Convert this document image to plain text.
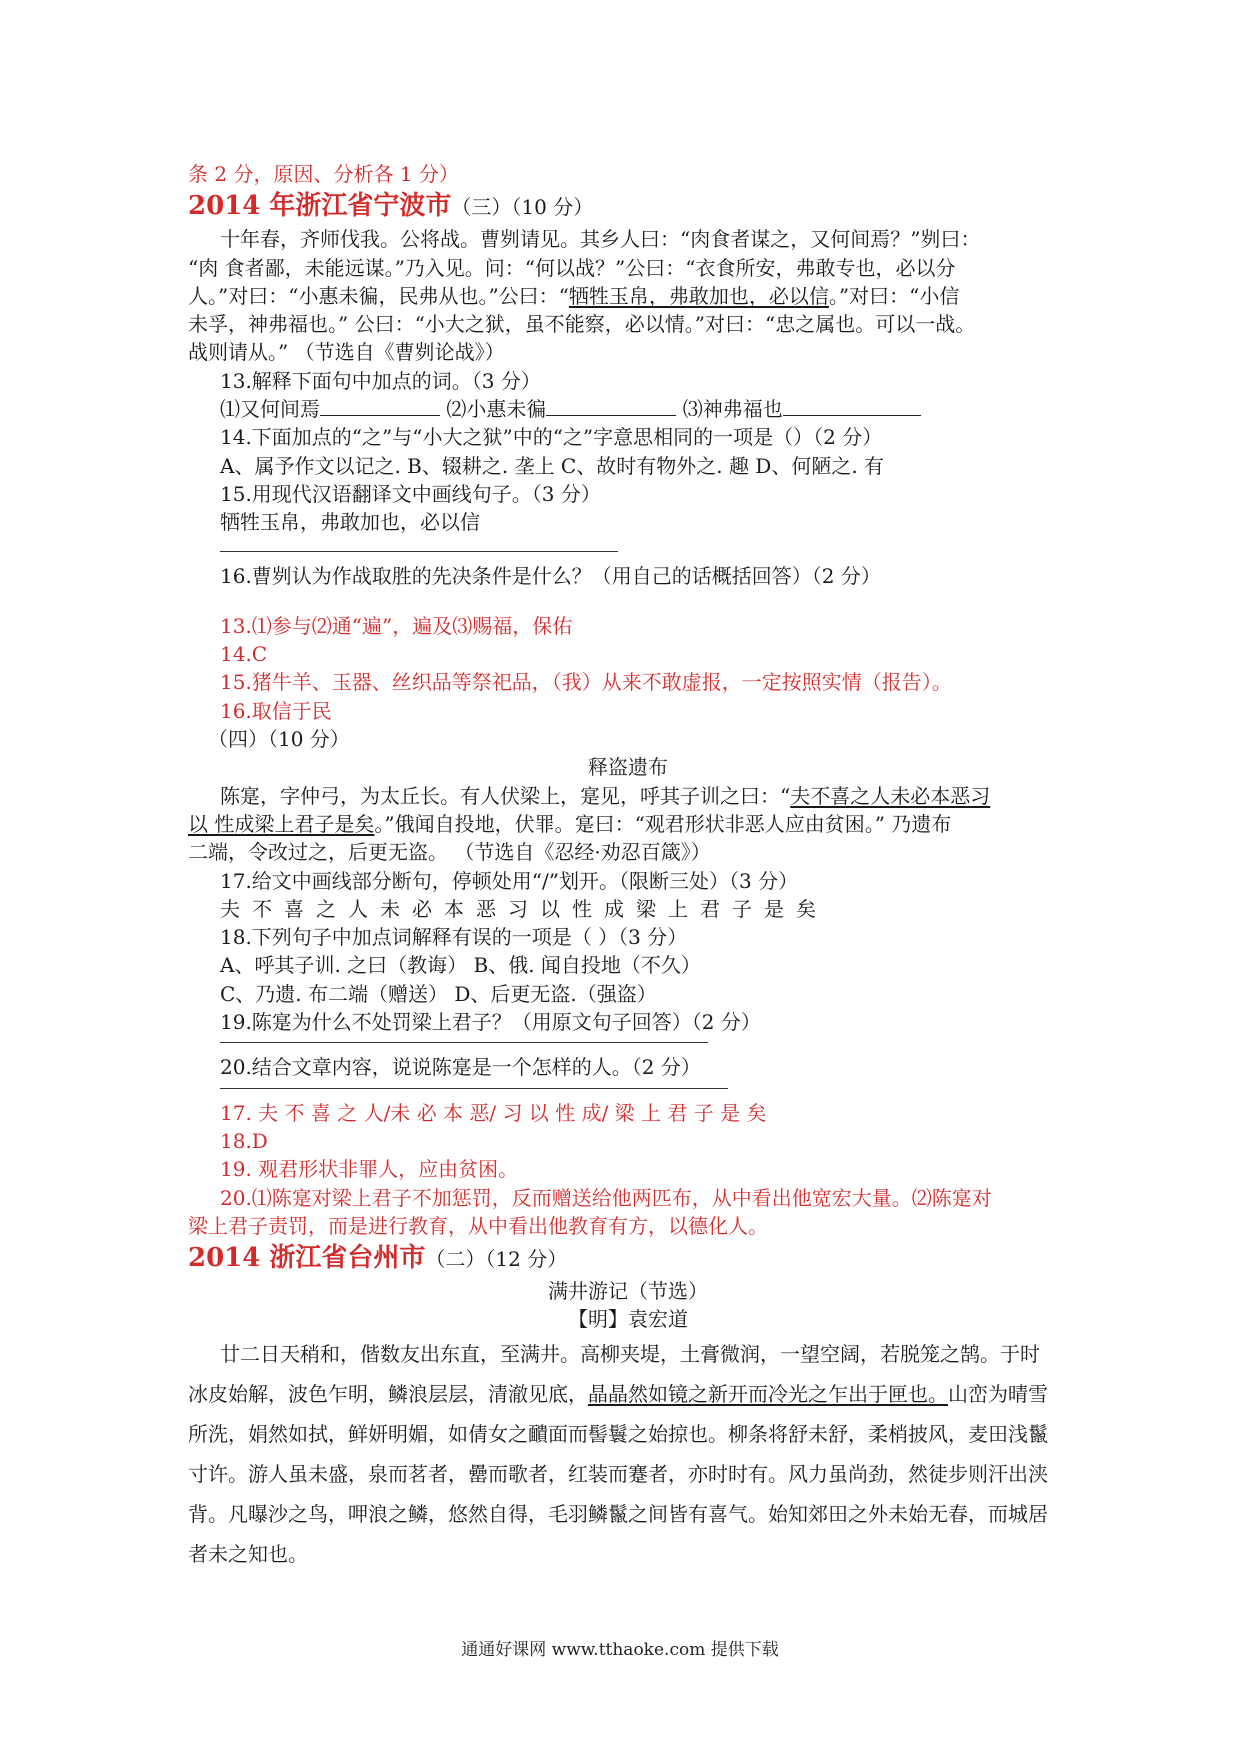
条 2 分，原因、分析各 1 分）
2014 年浙江省宁波市（三）（10 分）
十年春，齐师伐我。公将战。曹刿请见。其乡人曰：“肉食者谋之，又何间焉？”刿曰：
“肉 食者鄙，未能远谋。”乃入见。问：“何以战？”公曰：“衣食所安，弗敢专也，必以分
人。”对曰：“小惠未徧，民弗从也。”公曰：“牺牲玉帛，弗敢加也，必以信。”对曰：“小信
未孚，神弗福也。” 公曰：“小大之狱，虽不能察，必以情。”对曰：“忠之属也。可以一战。
战则请从。” （节选自《曹刿论战》）
13.解释下面句中加点的词。（3 分）
⑴又何间焉	⑵小惠未徧	⑶神弗福也
14.下面加点的“之”与“小大之狱”中的“之”字意思相同的一项是（）（2 分）
A、属予作文以记之. B、辍耕之. 垄上 C、故时有物外之. 趣 D、何陋之. 有
15.用现代汉语翻译文中画线句子。（3 分）
牺牲玉帛，弗敢加也，必以信
16.曹刿认为作战取胜的先决条件是什么？（用自己的话概括回答）（2 分）
13.⑴参与⑵通“遍”，遍及⑶赐福，保佑
14.C
15.猪牛羊、玉器、丝织品等祭祀品，（我）从来不敢虚报，一定按照实情（报告）。
16.取信于民
（四）（10 分）
释盗遗布
陈寔，字仲弓，为太丘长。有人伏梁上，寔见，呼其子训之曰：“夫不喜之人未必本恶习
以 性成梁上君子是矣。”俄闻自投地，伏罪。寔曰：“观君形状非恶人应由贫困。” 乃遗布
二端，令改过之，后更无盗。 （节选自《忍经·劝忍百箴》）
17.给文中画线部分断句，停顿处用“/”划开。（限断三处）（3 分）
夫不喜之人未必本恶习以性成梁上君子是矣
18.下列句子中加点词解释有误的一项是（ ）（3 分）
A、呼其子训. 之曰（教诲） B、俄. 闻自投地（不久）
C、乃遗. 布二端（赠送） D、后更无盗.（强盗）
19.陈寔为什么不处罚梁上君子？（用原文句子回答）（2 分）
20.结合文章内容，说说陈寔是一个怎样的人。（2 分）
17. 夫 不 喜 之 人/未 必 本 恶/ 习 以 性 成/ 梁 上 君 子 是 矣
18.D
19. 观君形状非罪人，应由贫困。
20.⑴陈寔对梁上君子不加惩罚，反而赠送给他两匹布，从中看出他宽宏大量。⑵陈寔对
梁上君子责罚，而是进行教育，从中看出他教育有方，以德化人。
2014 浙江省台州市（二）（12 分）
满井游记（节选）
【明】袁宏道
廿二日天稍和，偕数友出东直，至满井。高柳夹堤，土膏微润，一望空阔，若脱笼之鹄。于时
冰皮始解，波色乍明，鳞浪层层，清澈见底，晶晶然如镜之新开而冷光之乍出于匣也。山峦为晴雪
所洗，娟然如拭，鲜妍明媚，如倩女之靧面而髻鬟之始掠也。柳条将舒未舒，柔梢披风，麦田浅鬣
寸许。游人虽未盛，泉而茗者，罍而歌者，红装而蹇者，亦时时有。风力虽尚劲，然徒步则汗出浃
背。凡曝沙之鸟，呷浪之鳞，悠然自得，毛羽鳞鬣之间皆有喜气。始知郊田之外未始无春，而城居
者未之知也。
通通好课网 www.tthaoke.com 提供下载
